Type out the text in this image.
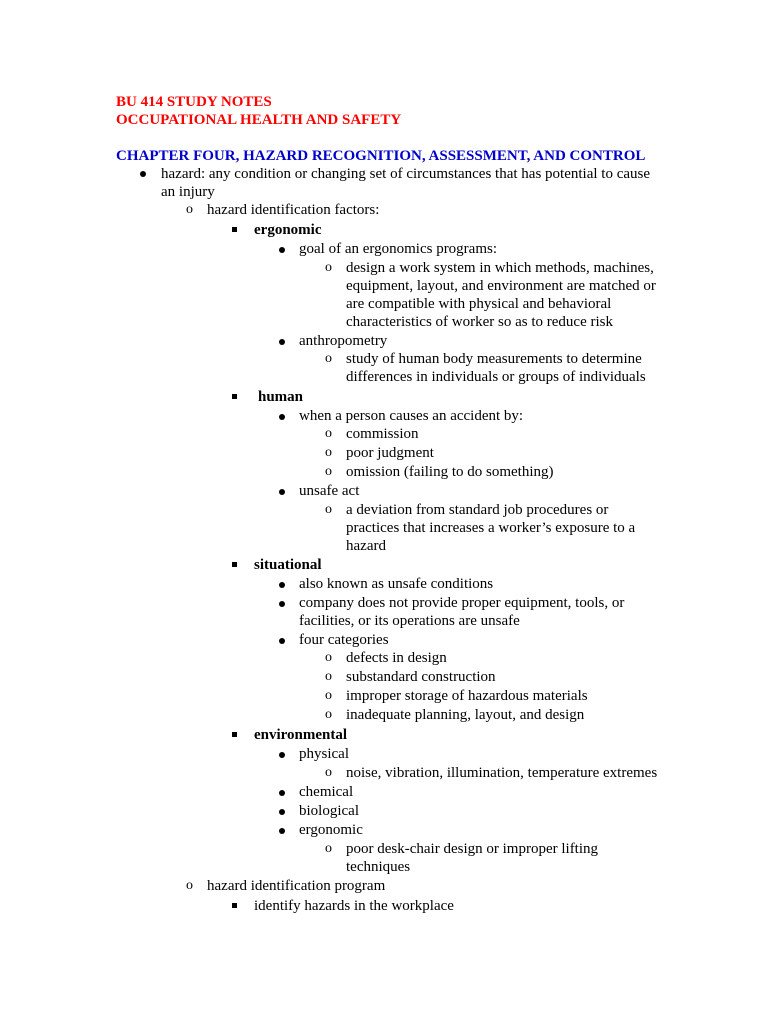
BU 414 STUDY NOTES
OCCUPATIONAL HEALTH AND SAFETY
CHAPTER FOUR, HAZARD RECOGNITION, ASSESSMENT, AND CONTROL
hazard: any condition or changing set of circumstances that has potential to cause
an injury
o hazard identification factors:
ergonomic
goal of an ergonomics programs:
o design a work system in which methods, machines,
equipment, layout, and environment are matched or
are compatible with physical and behavioral
characteristics of worker so as to reduce risk
anthropometry
o study of human body measurements to determine
differences in individuals or groups of individuals
human
when a person causes an accident by:
o commission
o poor judgment
o omission (failing to do something)
unsafe act
o a deviation from standard job procedures or
practices that increases a worker’s exposure to a
hazard
situational
also known as unsafe conditions
company does not provide proper equipment, tools, or
facilities, or its operations are unsafe
four categories
o defects in design
o substandard construction
o improper storage of hazardous materials
o inadequate planning, layout, and design
environmental
physical
o noise, vibration, illumination, temperature extremes
chemical
biological
ergonomic
o poor desk-chair design or improper lifting
techniques
o hazard identification program
identify hazards in the workplace
